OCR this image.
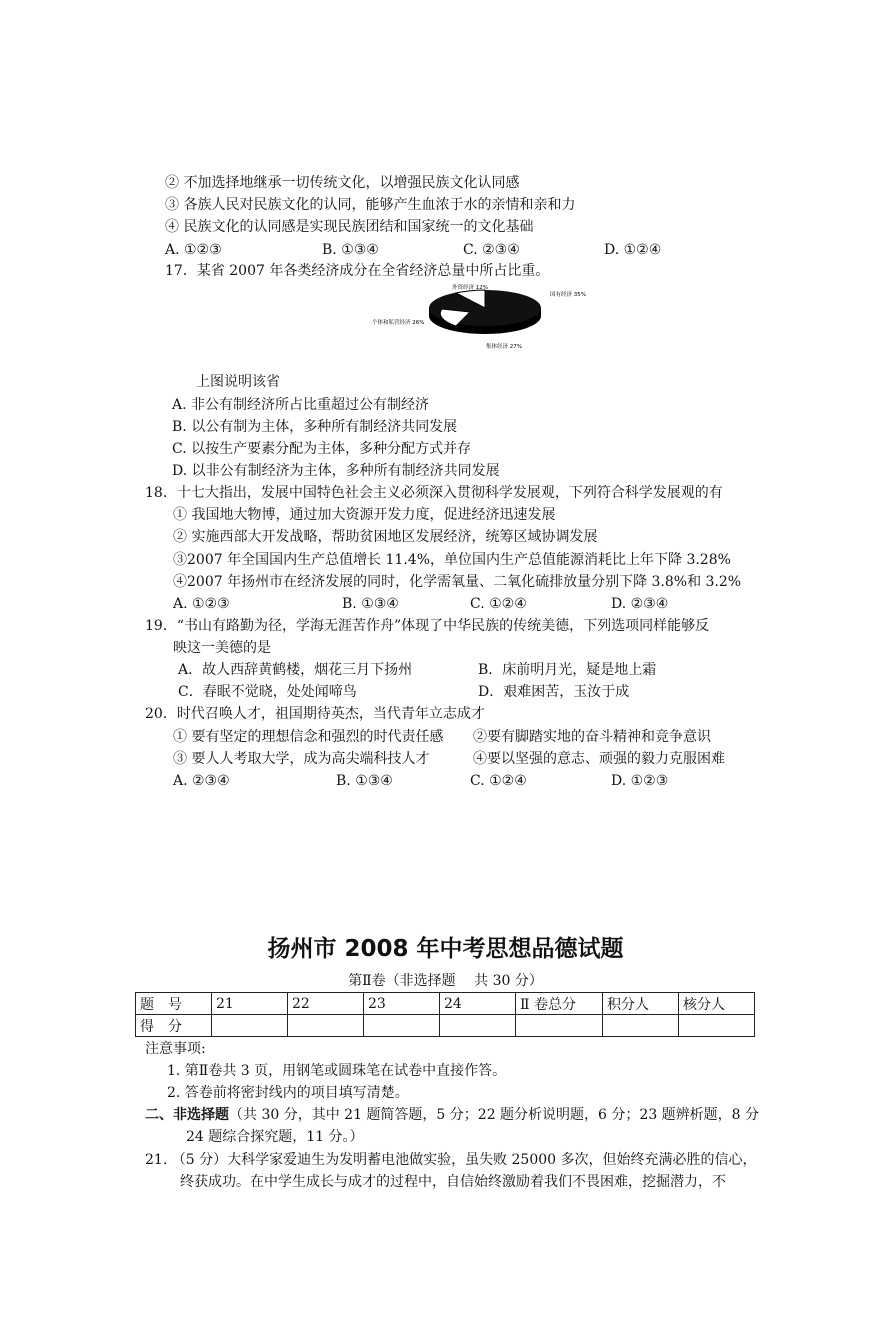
② 不加选择地继承一切传统文化，以增强民族文化认同感
③ 各族人民对民族文化的认同，能够产生血浓于水的亲情和亲和力
④ 民族文化的认同感是实现民族团结和国家统一的文化基础
A. ①②③	B. ①③④	C. ②③④	D. ①②④
17．某省 2007 年各类经济成分在全省经济总量中所占比重。
外资经济 12%
国有经济 35%
个体和私营经济 26%
集体经济 27%
上图说明该省
A. 非公有制经济所占比重超过公有制经济
B. 以公有制为主体，多种所有制经济共同发展
C. 以按生产要素分配为主体，多种分配方式并存
D. 以非公有制经济为主体，多种所有制经济共同发展
18．十七大指出，发展中国特色社会主义必须深入贯彻科学发展观，下列符合科学发展观的有
① 我国地大物博，通过加大资源开发力度，促进经济迅速发展
② 实施西部大开发战略，帮助贫困地区发展经济，统筹区域协调发展
③2007 年全国国内生产总值增长 11.4%，单位国内生产总值能源消耗比上年下降 3.28%
④2007 年扬州市在经济发展的同时，化学需氧量、二氧化硫排放量分别下降 3.8%和 3.2%
A. ①②③	B. ①③④	C. ①②④	D. ②③④
19．“书山有路勤为径，学海无涯苦作舟”体现了中华民族的传统美德，下列选项同样能够反
映这一美德的是
A．故人西辞黄鹤楼，烟花三月下扬州	B．床前明月光，疑是地上霜
C．春眠不觉晓，处处闻啼鸟	D．艰难困苦，玉汝于成
20．时代召唤人才，祖国期待英杰，当代青年立志成才
① 要有坚定的理想信念和强烈的时代责任感 ②要有脚踏实地的奋斗精神和竞争意识
③ 要人人考取大学，成为高尖端科技人才	④要以坚强的意志、顽强的毅力克服困难
A. ②③④	B. ①③④	C. ①②④	D. ①②③
扬州市 2008 年中考思想品德试题
第Ⅱ卷（非选择题　 共 30 分）
题　号	21	22	23	24	Ⅱ 卷总分	积分人	核分人
得　分							
注意事项:
1. 第Ⅱ卷共 3 页，用钢笔或圆珠笔在试卷中直接作答。
2. 答卷前将密封线内的项目填写清楚。
二、非选择题（共 30 分，其中 21 题简答题，5 分；22 题分析说明题，6 分；23 题辨析题，8 分
24 题综合探究题，11 分。）
21. （5 分）大科学家爱迪生为发明蓄电池做实验，虽失败 25000 多次，但始终充满必胜的信心，
终获成功。在中学生成长与成才的过程中，自信始终激励着我们不畏困难，挖掘潜力，不
